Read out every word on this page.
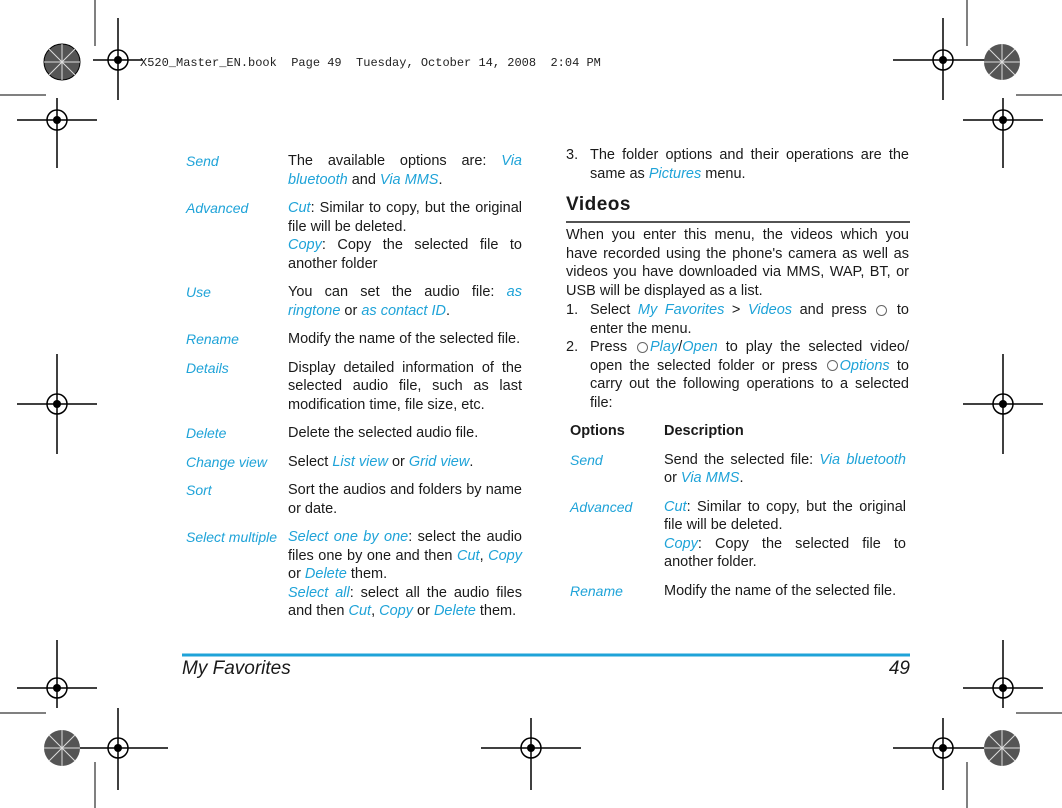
X520_Master_EN.book  Page 49  Tuesday, October 14, 2008  2:04 PM
Send	The available options are: Via bluetooth and Via MMS.
Advanced	Cut: Similar to copy, but the original file will be deleted.
Copy: Copy the selected file to another folder
Use	You can set the audio file: as ringtone or as contact ID.
Rename	Modify the name of the selected file.
Details	Display detailed information of the selected audio file, such as last modification time, file size, etc.
Delete	Delete the selected audio file.
Change view	Select List view or Grid view.
Sort	Sort the audios and folders by name or date.
Select multiple	Select one by one: select the audio files one by one and then Cut, Copy or Delete them.
Select all: select all the audio files and then Cut, Copy or Delete them.
3. The folder options and their operations are the same as Pictures menu.
Videos
When you enter this menu, the videos which you have recorded using the phone's camera as well as videos you have downloaded via MMS, WAP, BT, or USB will be displayed as a list.
1. Select My Favorites > Videos and press  to enter the menu.
2. Press Play/Open to play the selected video/ open the selected folder or press Options to carry out the following operations to a selected file:
Options	Description
Send	Send the selected file: Via bluetooth or Via MMS.
Advanced	Cut: Similar to copy, but the original file will be deleted.
Copy: Copy the selected file to another folder.
Rename	Modify the name of the selected file.
My Favorites	49
